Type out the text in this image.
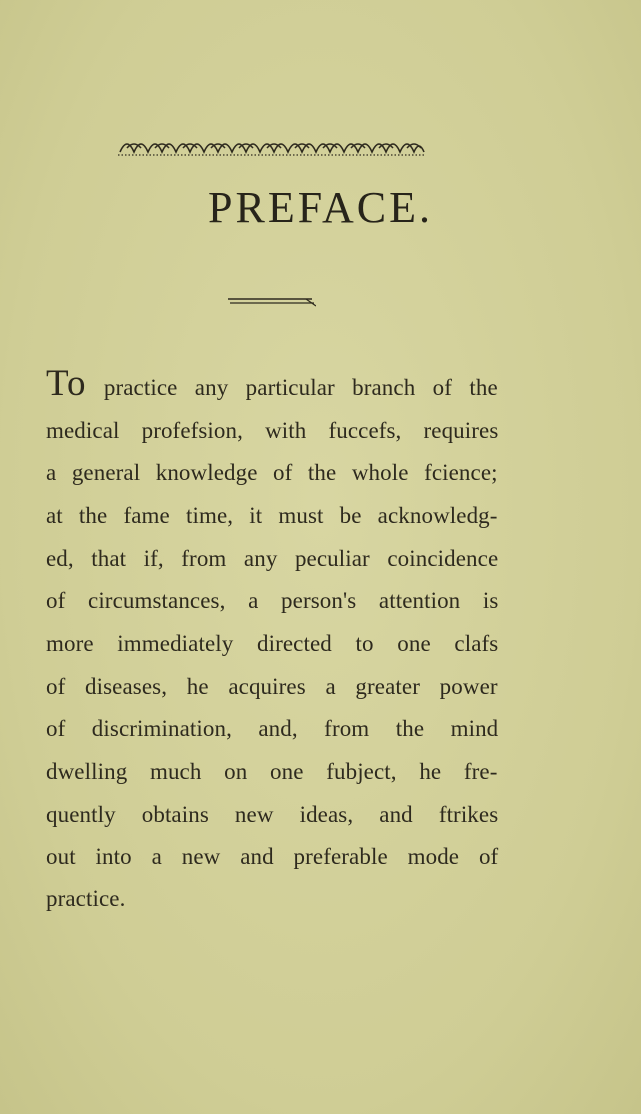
PREFACE.
To practice any particular branch of the
medical profefsion, with fuccefs, requires
a general knowledge of the whole fcience;
at the fame time, it must be acknowledg-
ed, that if, from any peculiar coincidence
of circumstances, a person's attention is
more immediately directed to one clafs
of diseases, he acquires a greater power
of discrimination, and, from the mind
dwelling much on one fubject, he fre-
quently obtains new ideas, and ftrikes
out into a new and preferable mode of
practice.
